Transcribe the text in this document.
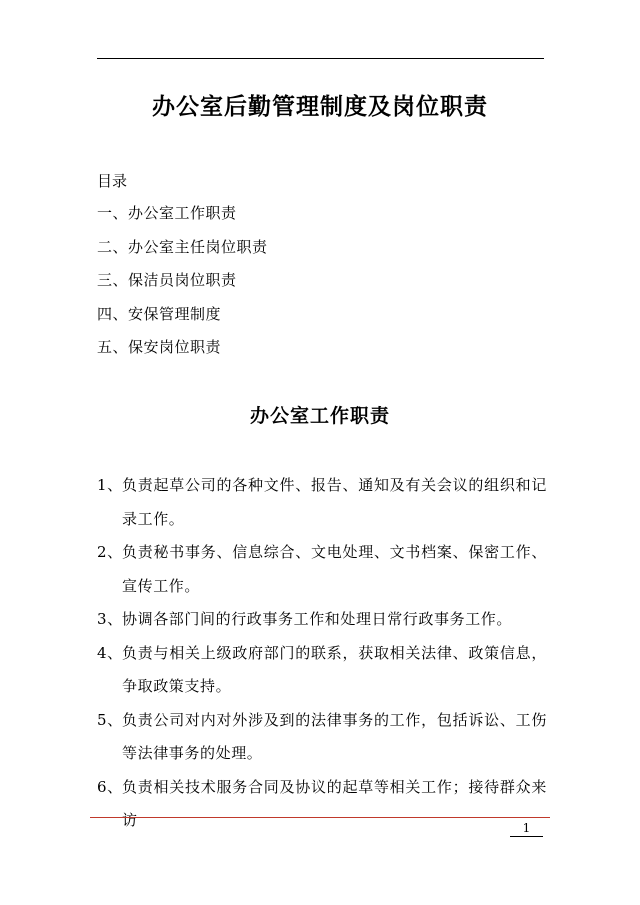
办公室后勤管理制度及岗位职责
目录
一、办公室工作职责
二、办公室主任岗位职责
三、保洁员岗位职责
四、安保管理制度
五、保安岗位职责
办公室工作职责
1、 负责起草公司的各种文件、报告、通知及有关会议的组织和记录工作。
2、 负责秘书事务、信息综合、文电处理、文书档案、保密工作、宣传工作。
3、 协调各部门间的行政事务工作和处理日常行政事务工作。
4、 负责与相关上级政府部门的联系，获取相关法律、政策信息，争取政策支持。
5、 负责公司对内对外涉及到的法律事务的工作，包括诉讼、工伤等法律事务的处理。
6、 负责相关技术服务合同及协议的起草等相关工作；接待群众来访	1
